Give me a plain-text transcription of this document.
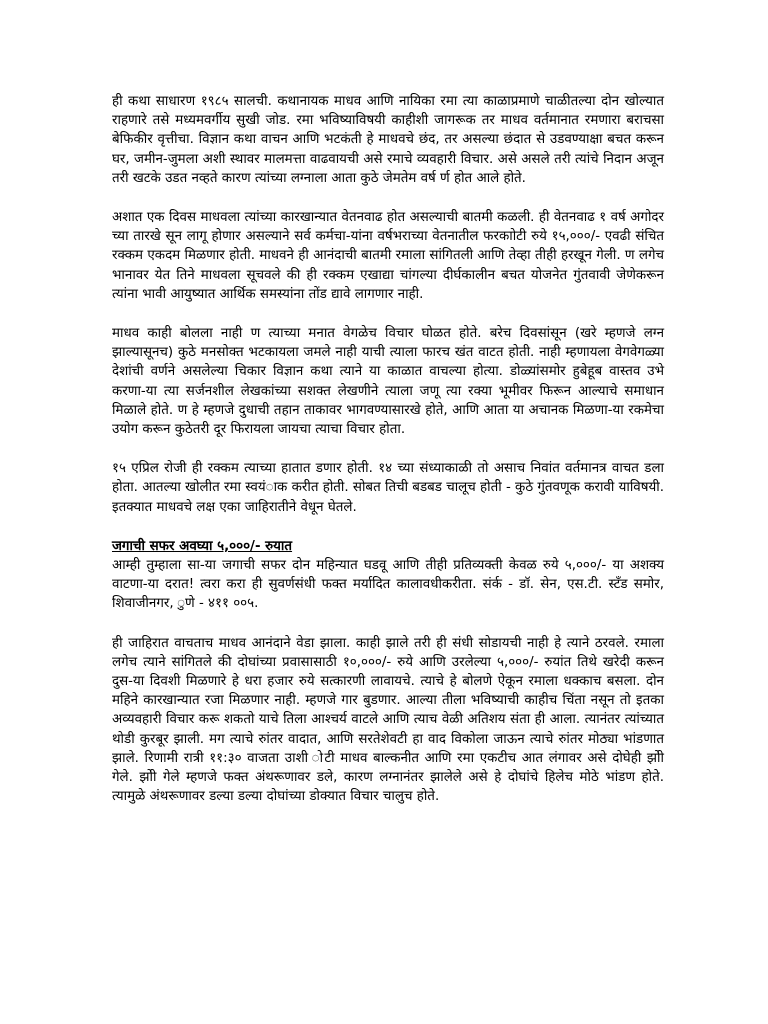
ही कथा साधारण १९८५ सालची. कथानायक माधव आणि नायिका रमा त्या काळाप्रमाणे चाळीतल्या दोन खोल्यात राहणारे तसे मध्यमवर्गीय सुखी जोड. रमा भविष्याविषयी काहीशी जागरूक तर माधव वर्तमानात रमणारा बराचसा बेफिकीर वृत्तीचा. विज्ञान कथा वाचन आणि भटकंती हे माधवचे छंद, तर असल्या छंदात से उडवण्याक्षा बचत करून घर, जमीन-जुमला अशी स्थावर मालमत्ता वाढवायची असे रमाचे व्यवहारी विचार. असे असले तरी त्यांचे निदान अजून तरी खटके उडत नव्हते कारण त्यांच्या लग्नाला आता कुठे जेमतेम वर्ष र्ण होत आले होते.

अशात एक दिवस माधवला त्यांच्या कारखान्यात वेतनवाढ होत असल्याची बातमी कळली. ही वेतनवाढ १ वर्ष अगोदर च्या तारखे सून लागू होणार असल्याने सर्व कर्मचा-यांना वर्षभराच्या वेतनातील फरकाोटी रुये १५,०००/- एवढी संचित रक्कम एकदम मिळणार होती. माधवने ही आनंदाची बातमी रमाला सांगितली आणि तेव्हा तीही हरखून गेली. ण लगेच भानावर येत तिने माधवला सूचवले की ही रक्कम एखाद्या चांगल्या दीर्घकालीन बचत योजनेत गुंतवावी जेणेकरून त्यांना भावी आयुष्यात आर्थिक समस्यांना तोंड द्यावे लागणार नाही.

माधव काही बोलला नाही ण त्याच्या मनात वेगळेच विचार घोळत होते. बरेच दिवसांसून (खरे म्हणजे लग्न झाल्यासूनच) कुठे मनसोक्त भटकायला जमले नाही याची त्याला फारच खंत वाटत होती. नाही म्हणायला वेगवेगळ्या देशांची वर्णने असलेल्या चिकार विज्ञान कथा त्याने या काळात वाचल्या होत्या. डोळ्यांसमोर हुबेहूब वास्तव उभे करणा-या त्या सर्जनशील लेखकांच्या सशक्त लेखणीने त्याला जणू त्या रक्या भूमीवर फिरून आल्याचे समाधान मिळाले होते. ण हे म्हणजे दुधाची तहान ताकावर भागवण्यासारखे होते, आणि आता या अचानक मिळणा-या रकमेचा उयोग करून कुठेतरी दूर फिरायला जायचा त्याचा विचार होता.

१५ एप्रिल रोजी ही रक्कम त्याच्या हातात डणार होती. १४ च्या संध्याकाळी तो असाच निवांत वर्तमानत्र वाचत डला होता. आतल्या खोलीत रमा स्वयंाक करीत होती. सोबत तिची बडबड चालूच होती - कुठे गुंतवणूक करावी याविषयी. इतक्यात माधवचे लक्ष एका जाहिरातीने वेधून घेतले.

जगाची सफर अवघ्या ५,०००/- रुयात

आम्ही तुम्हाला सा-या जगाची सफर दोन महिन्यात घडवू आणि तीही प्रतिव्यक्ती केवळ रुये ५,०००/- या अशक्य वाटणा-या दरात! त्वरा करा ही सुवर्णसंधी फक्त मर्यादित कालावधीकरीता. संर्क - डॉ. सेन, एस.टी. स्टँड समोर, शिवाजीनगर, ुणे - ४११ ००५.

ही जाहिरात वाचताच माधव आनंदाने वेडा झाला. काही झाले तरी ही संधी सोडायची नाही हे त्याने ठरवले. रमाला लगेच त्याने सांगितले की दोघांच्या प्रवासासाठी १०,०००/- रुये आणि उरलेल्या ५,०००/- रुयांत तिथे खरेदी करून दुस-या दिवशी मिळणारे हे धरा हजार रुये सत्कारणी लावायचे. त्याचे हे बोलणे ऐकून रमाला धक्काच बसला. दोन महिने कारखान्यात रजा मिळणार नाही. म्हणजे गार बुडणार. आल्या तीला भविष्याची काहीच चिंता नसून तो इतका अव्यवहारी विचार करू शकतो याचे तिला आश्चर्य वाटले आणि त्याच वेळी अतिशय संता ही आला. त्यानंतर त्यांच्यात थोडी कुरबूर झाली. मग त्याचे रुांतर वादात, आणि सरतेशेवटी हा वाद विकोला जाऊन त्याचे रुांतर मोठ्या भांडणात झाले. रिणामी रात्री ११:३० वाजता उाशी ोटी माधव बाल्कनीत आणि रमा एकटीच आत लंगावर असे दोघेही झोी गेले. झोी गेले म्हणजे फक्त अंथरूणावर डले, कारण लग्नानंतर झालेले असे हे दोघांचे हिलेच मोठे भांडण होते. त्यामुळे अंथरूणावर डल्या डल्या दोघांच्या डोक्यात विचार चालुच होते.
